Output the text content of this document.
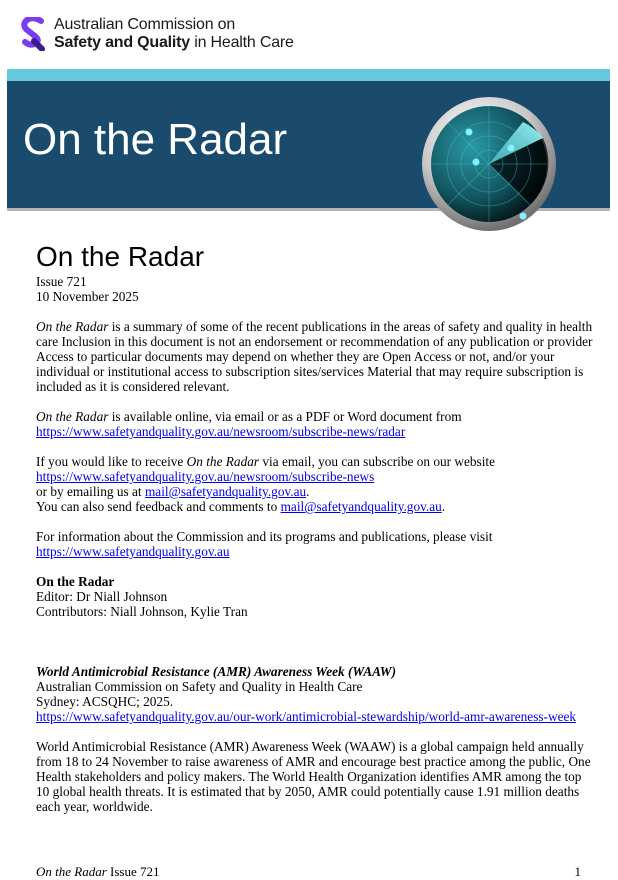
Australian Commission on
Safety and Quality in Health Care
On the Radar
On the Radar

Issue 721

10 November 2025

On the Radar is a summary of some of the recent publications in the areas of safety and quality in health care Inclusion in this document is not an endorsement or recommendation of any publication or provider Access to particular documents may depend on whether they are Open Access or not, and/or your individual or institutional access to subscription sites/services Material that may require subscription is included as it is considered relevant.

On the Radar is available online, via email or as a PDF or Word document from

https://www.safetyandquality.gov.au/newsroom/subscribe-news/radar

If you would like to receive On the Radar via email, you can subscribe on our website

https://www.safetyandquality.gov.au/newsroom/subscribe-news

or by emailing us at mail@safetyandquality.gov.au.

You can also send feedback and comments to mail@safetyandquality.gov.au.

For information about the Commission and its programs and publications, please visit

https://www.safetyandquality.gov.au

On the Radar

Editor: Dr Niall Johnson

Contributors: Niall Johnson, Kylie Tran

World Antimicrobial Resistance (AMR) Awareness Week (WAAW)

Australian Commission on Safety and Quality in Health Care

Sydney: ACSQHC; 2025.

https://www.safetyandquality.gov.au/our-work/antimicrobial-stewardship/world-amr-awareness-week

World Antimicrobial Resistance (AMR) Awareness Week (WAAW) is a global campaign held annually from 18 to 24 November to raise awareness of AMR and encourage best practice among the public, One Health stakeholders and policy makers. The World Health Organization identifies AMR among the top 10 global health threats. It is estimated that by 2050, AMR could potentially cause 1.91 million deaths each year, worldwide.

On the Radar Issue 721	1
